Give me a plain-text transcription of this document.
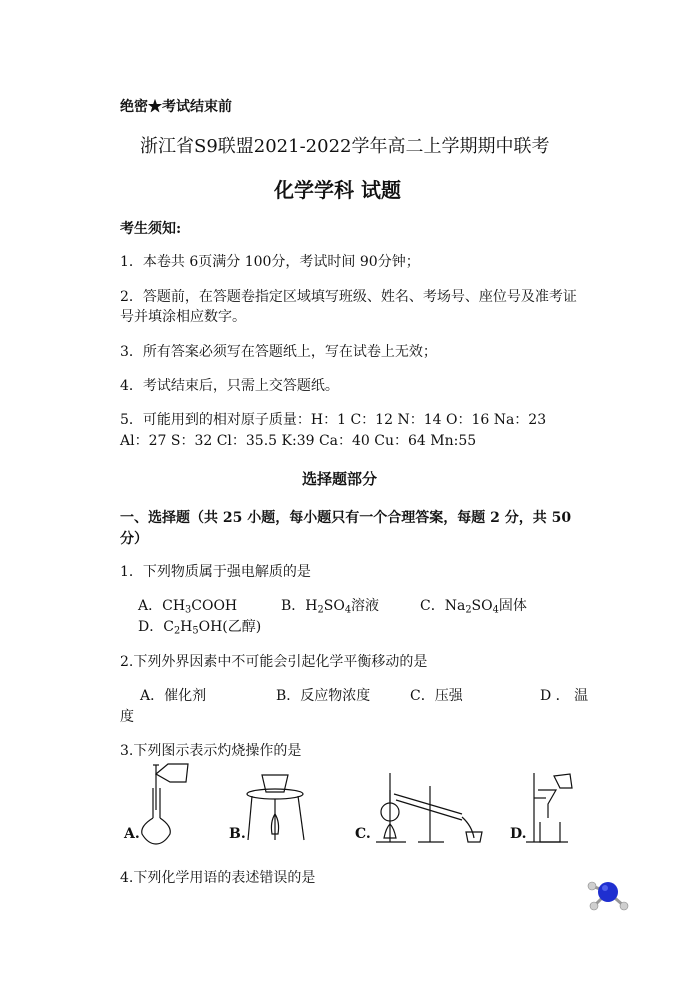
绝密★考试结束前
浙江省S9联盟2021-2022学年高二上学期期中联考
化学学科 试题
考生须知:
1．本卷共 6页满分 100分，考试时间 90分钟；
2．答题前，在答题卷指定区域填写班级、姓名、考场号、座位号及准考证
号并填涂相应数字。
3．所有答案必须写在答题纸上，写在试卷上无效；
4．考试结束后，只需上交答题纸。
5．可能用到的相对原子质量：H：1 C：12 N：14 O：16 Na：23
Al：27 S：32 Cl：35.5 K:39 Ca：40 Cu：64 Mn:55
选择题部分
一、选择题（共 25 小题，每小题只有一个合理答案，每题 2 分，共 50
分）
1．下列物质属于强电解质的是
A．$CH_3COOH$	B．$H_2SO_4$溶液	C．$Na_2SO_4$固体
D．$C_2H_5OH$(乙醇)
2.下列外界因素中不可能会引起化学平衡移动的是
A．催化剂	B．反应物浓度	C．压强	D ． 温
度
3.下列图示表示灼烧操作的是
A.	B.	C.	D.
4.下列化学用语的表述错误的是
